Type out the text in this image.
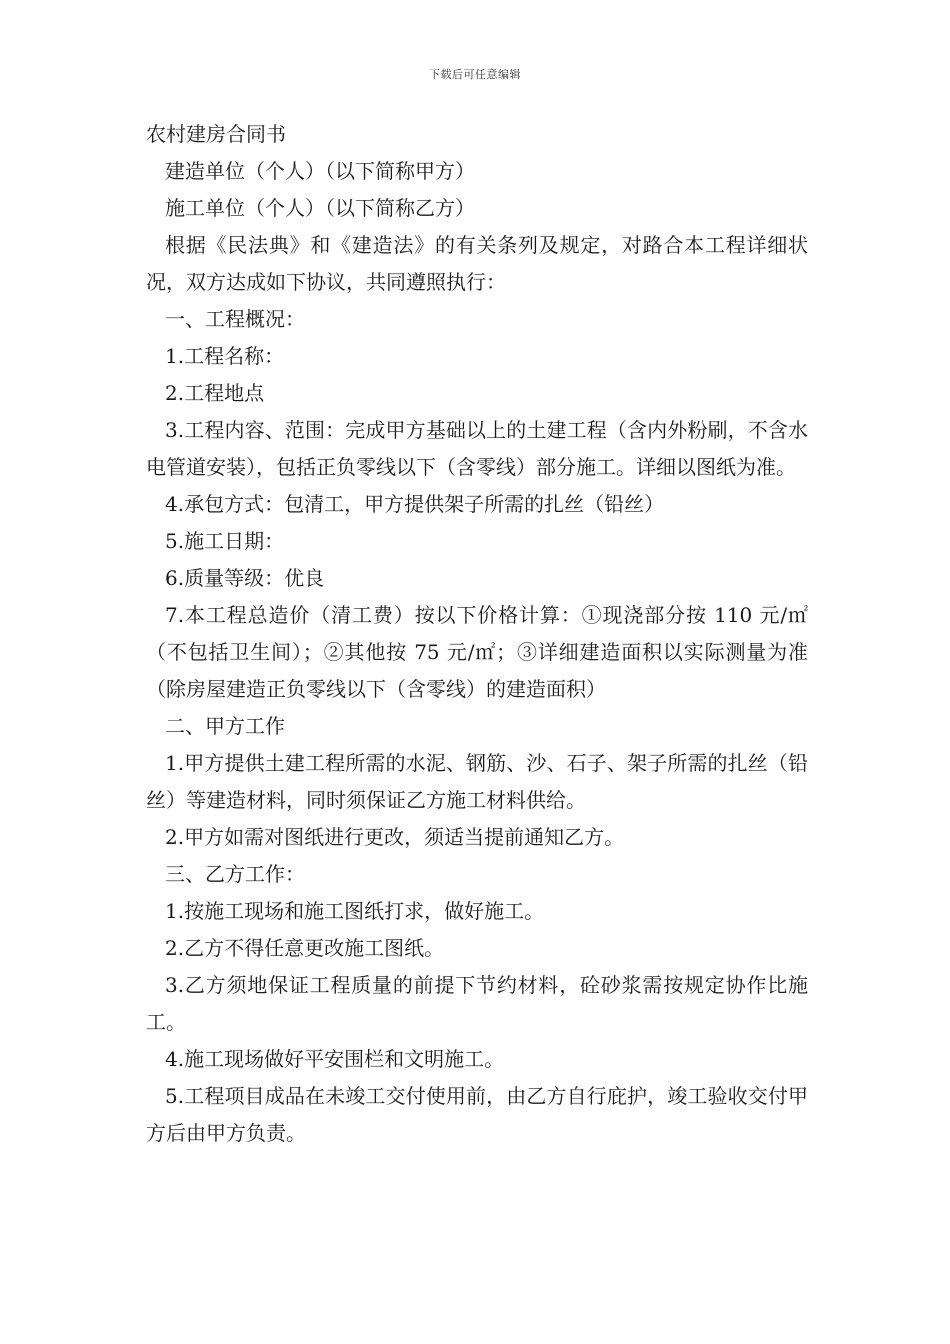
下载后可任意编辑

农村建房合同书

建造单位（个人）（以下简称甲方）

施工单位（个人）（以下简称乙方）

根据《民法典》和《建造法》的有关条列及规定，对路合本工程详细状况，双方达成如下协议，共同遵照执行：

一、工程概况：

1.工程名称：

2.工程地点

3.工程内容、范围：完成甲方基础以上的土建工程（含内外粉刷，不含水电管道安装），包括正负零线以下（含零线）部分施工。详细以图纸为准。

4.承包方式：包清工，甲方提供架子所需的扎丝（铅丝）

5.施工日期：

6.质量等级：优良

7.本工程总造价（清工费）按以下价格计算：①现浇部分按 110 元/㎡（不包括卫生间）；②其他按 75 元/㎡；③详细建造面积以实际测量为准（除房屋建造正负零线以下（含零线）的建造面积）

二、甲方工作

1.甲方提供土建工程所需的水泥、钢筋、沙、石子、架子所需的扎丝（铅丝）等建造材料，同时须保证乙方施工材料供给。

2.甲方如需对图纸进行更改，须适当提前通知乙方。

三、乙方工作：

1.按施工现场和施工图纸打求，做好施工。

2.乙方不得任意更改施工图纸。

3.乙方须地保证工程质量的前提下节约材料，砼砂浆需按规定协作比施工。

4.施工现场做好平安围栏和文明施工。

5.工程项目成品在未竣工交付使用前，由乙方自行庇护，竣工验收交付甲方后由甲方负责。
